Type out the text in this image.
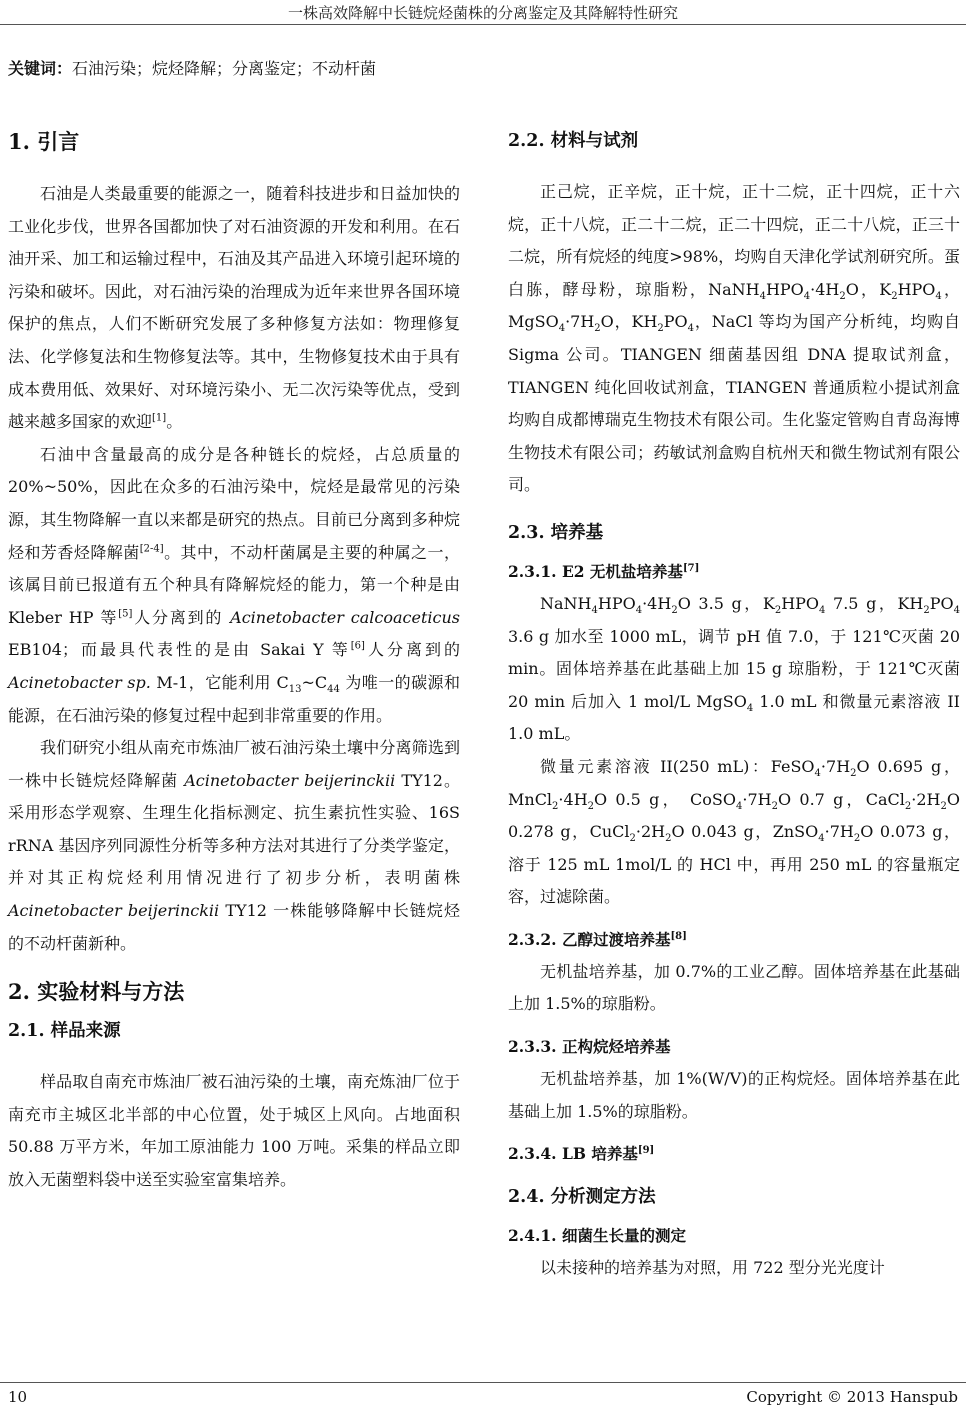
一株高效降解中长链烷烃菌株的分离鉴定及其降解特性研究
关键词：石油污染；烷烃降解；分离鉴定；不动杆菌
1. 引言

石油是人类最重要的能源之一，随着科技进步和日益加快的工业化步伐，世界各国都加快了对石油资源的开发和利用。在石油开采、加工和运输过程中，石油及其产品进入环境引起环境的污染和破坏。因此，对石油污染的治理成为近年来世界各国环境保护的焦点，人们不断研究发展了多种修复方法如：物理修复法、化学修复法和生物修复法等。其中，生物修复技术由于具有成本费用低、效果好、对环境污染小、无二次污染等优点，受到越来越多国家的欢迎[1]。

石油中含量最高的成分是各种链长的烷烃，占总质量的 20%~50%，因此在众多的石油污染中，烷烃是最常见的污染源，其生物降解一直以来都是研究的热点。目前已分离到多种烷烃和芳香烃降解菌[2-4]。其中，不动杆菌属是主要的种属之一，该属目前已报道有五个种具有降解烷烃的能力，第一个种是由 Kleber HP 等[5]人分离到的 Acinetobacter calcoaceticus EB104；而最具代表性的是由 Sakai Y 等[6]人分离到的 Acinetobacter sp. M-1，它能利用 $C_{13}\sim C_{44}$ 为唯一的碳源和能源，在石油污染的修复过程中起到非常重要的作用。

我们研究小组从南充市炼油厂被石油污染土壤中分离筛选到一株中长链烷烃降解菌 Acinetobacter beijerinckii TY12。采用形态学观察、生理生化指标测定、抗生素抗性实验、16S rRNA 基因序列同源性分析等多种方法对其进行了分类学鉴定，并对其正构烷烃利用情况进行了初步分析，表明菌株 Acinetobacter beijerinckii TY12 一株能够降解中长链烷烃的不动杆菌新种。

2. 实验材料与方法
2.1. 样品来源

样品取自南充市炼油厂被石油污染的土壤，南充炼油厂位于南充市主城区北半部的中心位置，处于城区上风向。占地面积 50.88 万平方米，年加工原油能力 100 万吨。采集的样品立即放入无菌塑料袋中送至实验室富集培养。

2.2. 材料与试剂

正己烷，正辛烷，正十烷，正十二烷，正十四烷，正十六烷，正十八烷，正二十二烷，正二十四烷，正二十八烷，正三十二烷，所有烷烃的纯度>98%，均购自天津化学试剂研究所。蛋白胨，酵母粉，琼脂粉，$NaNH_4HPO_4\cdot 4H_2O$，$K_2HPO_4$，$MgSO_4\cdot 7H_2O$，$KH_2PO_4$，NaCl 等均为国产分析纯，均购自 Sigma 公司。TIANGEN 细菌基因组 DNA 提取试剂盒，TIANGEN 纯化回收试剂盒，TIANGEN 普通质粒小提试剂盒均购自成都博瑞克生物技术有限公司。生化鉴定管购自青岛海博生物技术有限公司；药敏试剂盒购自杭州天和微生物试剂有限公司。

2.3. 培养基
2.3.1. E2 无机盐培养基[7]

$NaNH_4HPO_4\cdot 4H_2O$ 3.5 g，$K_2HPO_4$ 7.5 g，$KH_2PO_4$ 3.6 g 加水至 1000 mL，调节 pH 值 7.0，于 121℃灭菌 20 min。固体培养基在此基础上加 15 g 琼脂粉，于 121℃灭菌 20 min 后加入 1 mol/L MgSO$_4$ 1.0 mL 和微量元素溶液 II 1.0 mL。

微量元素溶液 II(250 mL)：$FeSO_4\cdot 7H_2O$ 0.695 g，$MnCl_2\cdot 4H_2O$ 0.5 g， $CoSO_4\cdot 7H_2O$ 0.7 g，$CaCl_2\cdot 2H_2O$ 0.278 g，$CuCl_2\cdot 2H_2O$ 0.043 g，$ZnSO_4\cdot 7H_2O$ 0.073 g，溶于 125 mL 1mol/L 的 HCl 中，再用 250 mL 的容量瓶定容，过滤除菌。

2.3.2. 乙醇过渡培养基[8]

无机盐培养基，加 0.7%的工业乙醇。固体培养基在此基础上加 1.5%的琼脂粉。

2.3.3. 正构烷烃培养基

无机盐培养基，加 1%(W/V)的正构烷烃。固体培养基在此基础上加 1.5%的琼脂粉。

2.3.4. LB 培养基[9]
2.4. 分析测定方法
2.4.1. 细菌生长量的测定

以未接种的培养基为对照，用 722 型分光光度计

10	Copyright © 2013 Hanspub
